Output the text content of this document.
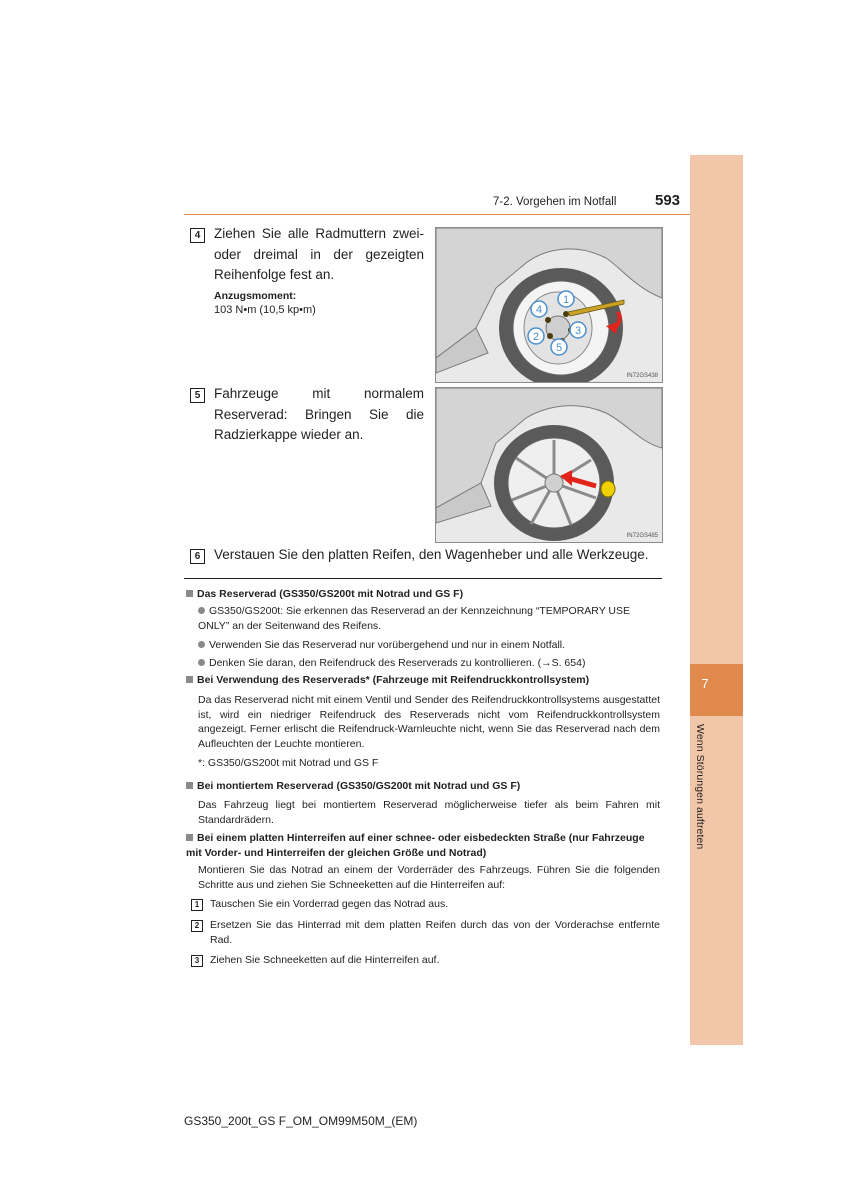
7
Wenn Störungen auftreten
7-2. Vorgehen im Notfall	593
4	Ziehen Sie alle Radmuttern zwei- oder dreimal in der gezeigten Reihenfolge fest an.
Anzugsmoment:
103 N•m (10,5 kp•m)
1
4
3
2
5
IN72GS438
5	Fahrzeuge mit normalem Reserverad: Bringen Sie die Radzierkappe wieder an.
IN72GS485
6	Verstauen Sie den platten Reifen, den Wagenheber und alle Werkzeuge.
Das Reserverad (GS350/GS200t mit Notrad und GS F)
GS350/GS200t: Sie erkennen das Reserverad an der Kennzeichnung “TEMPORARY USE ONLY” an der Seitenwand des Reifens.
Verwenden Sie das Reserverad nur vorübergehend und nur in einem Notfall.
Denken Sie daran, den Reifendruck des Reserverads zu kontrollieren. (→S. 654)
Bei Verwendung des Reserverads* (Fahrzeuge mit Reifendruckkontrollsystem)
Da das Reserverad nicht mit einem Ventil und Sender des Reifendruckkontrollsystems ausgestattet ist, wird ein niedriger Reifendruck des Reserverads nicht vom Reifendruckkontrollsystem angezeigt. Ferner erlischt die Reifendruck-Warnleuchte nicht, wenn Sie das Reserverad nach dem Aufleuchten der Leuchte montieren.
*: GS350/GS200t mit Notrad und GS F
Bei montiertem Reserverad (GS350/GS200t mit Notrad und GS F)
Das Fahrzeug liegt bei montiertem Reserverad möglicherweise tiefer als beim Fahren mit Standardrädern.
Bei einem platten Hinterreifen auf einer schnee- oder eisbedeckten Straße (nur Fahrzeuge mit Vorder- und Hinterreifen der gleichen Größe und Notrad)
Montieren Sie das Notrad an einem der Vorderräder des Fahrzeugs. Führen Sie die folgenden Schritte aus und ziehen Sie Schneeketten auf die Hinterreifen auf:
1	Tauschen Sie ein Vorderrad gegen das Notrad aus.
2	Ersetzen Sie das Hinterrad mit dem platten Reifen durch das von der Vorderachse entfernte Rad.
3	Ziehen Sie Schneeketten auf die Hinterreifen auf.
GS350_200t_GS F_OM_OM99M50M_(EM)
